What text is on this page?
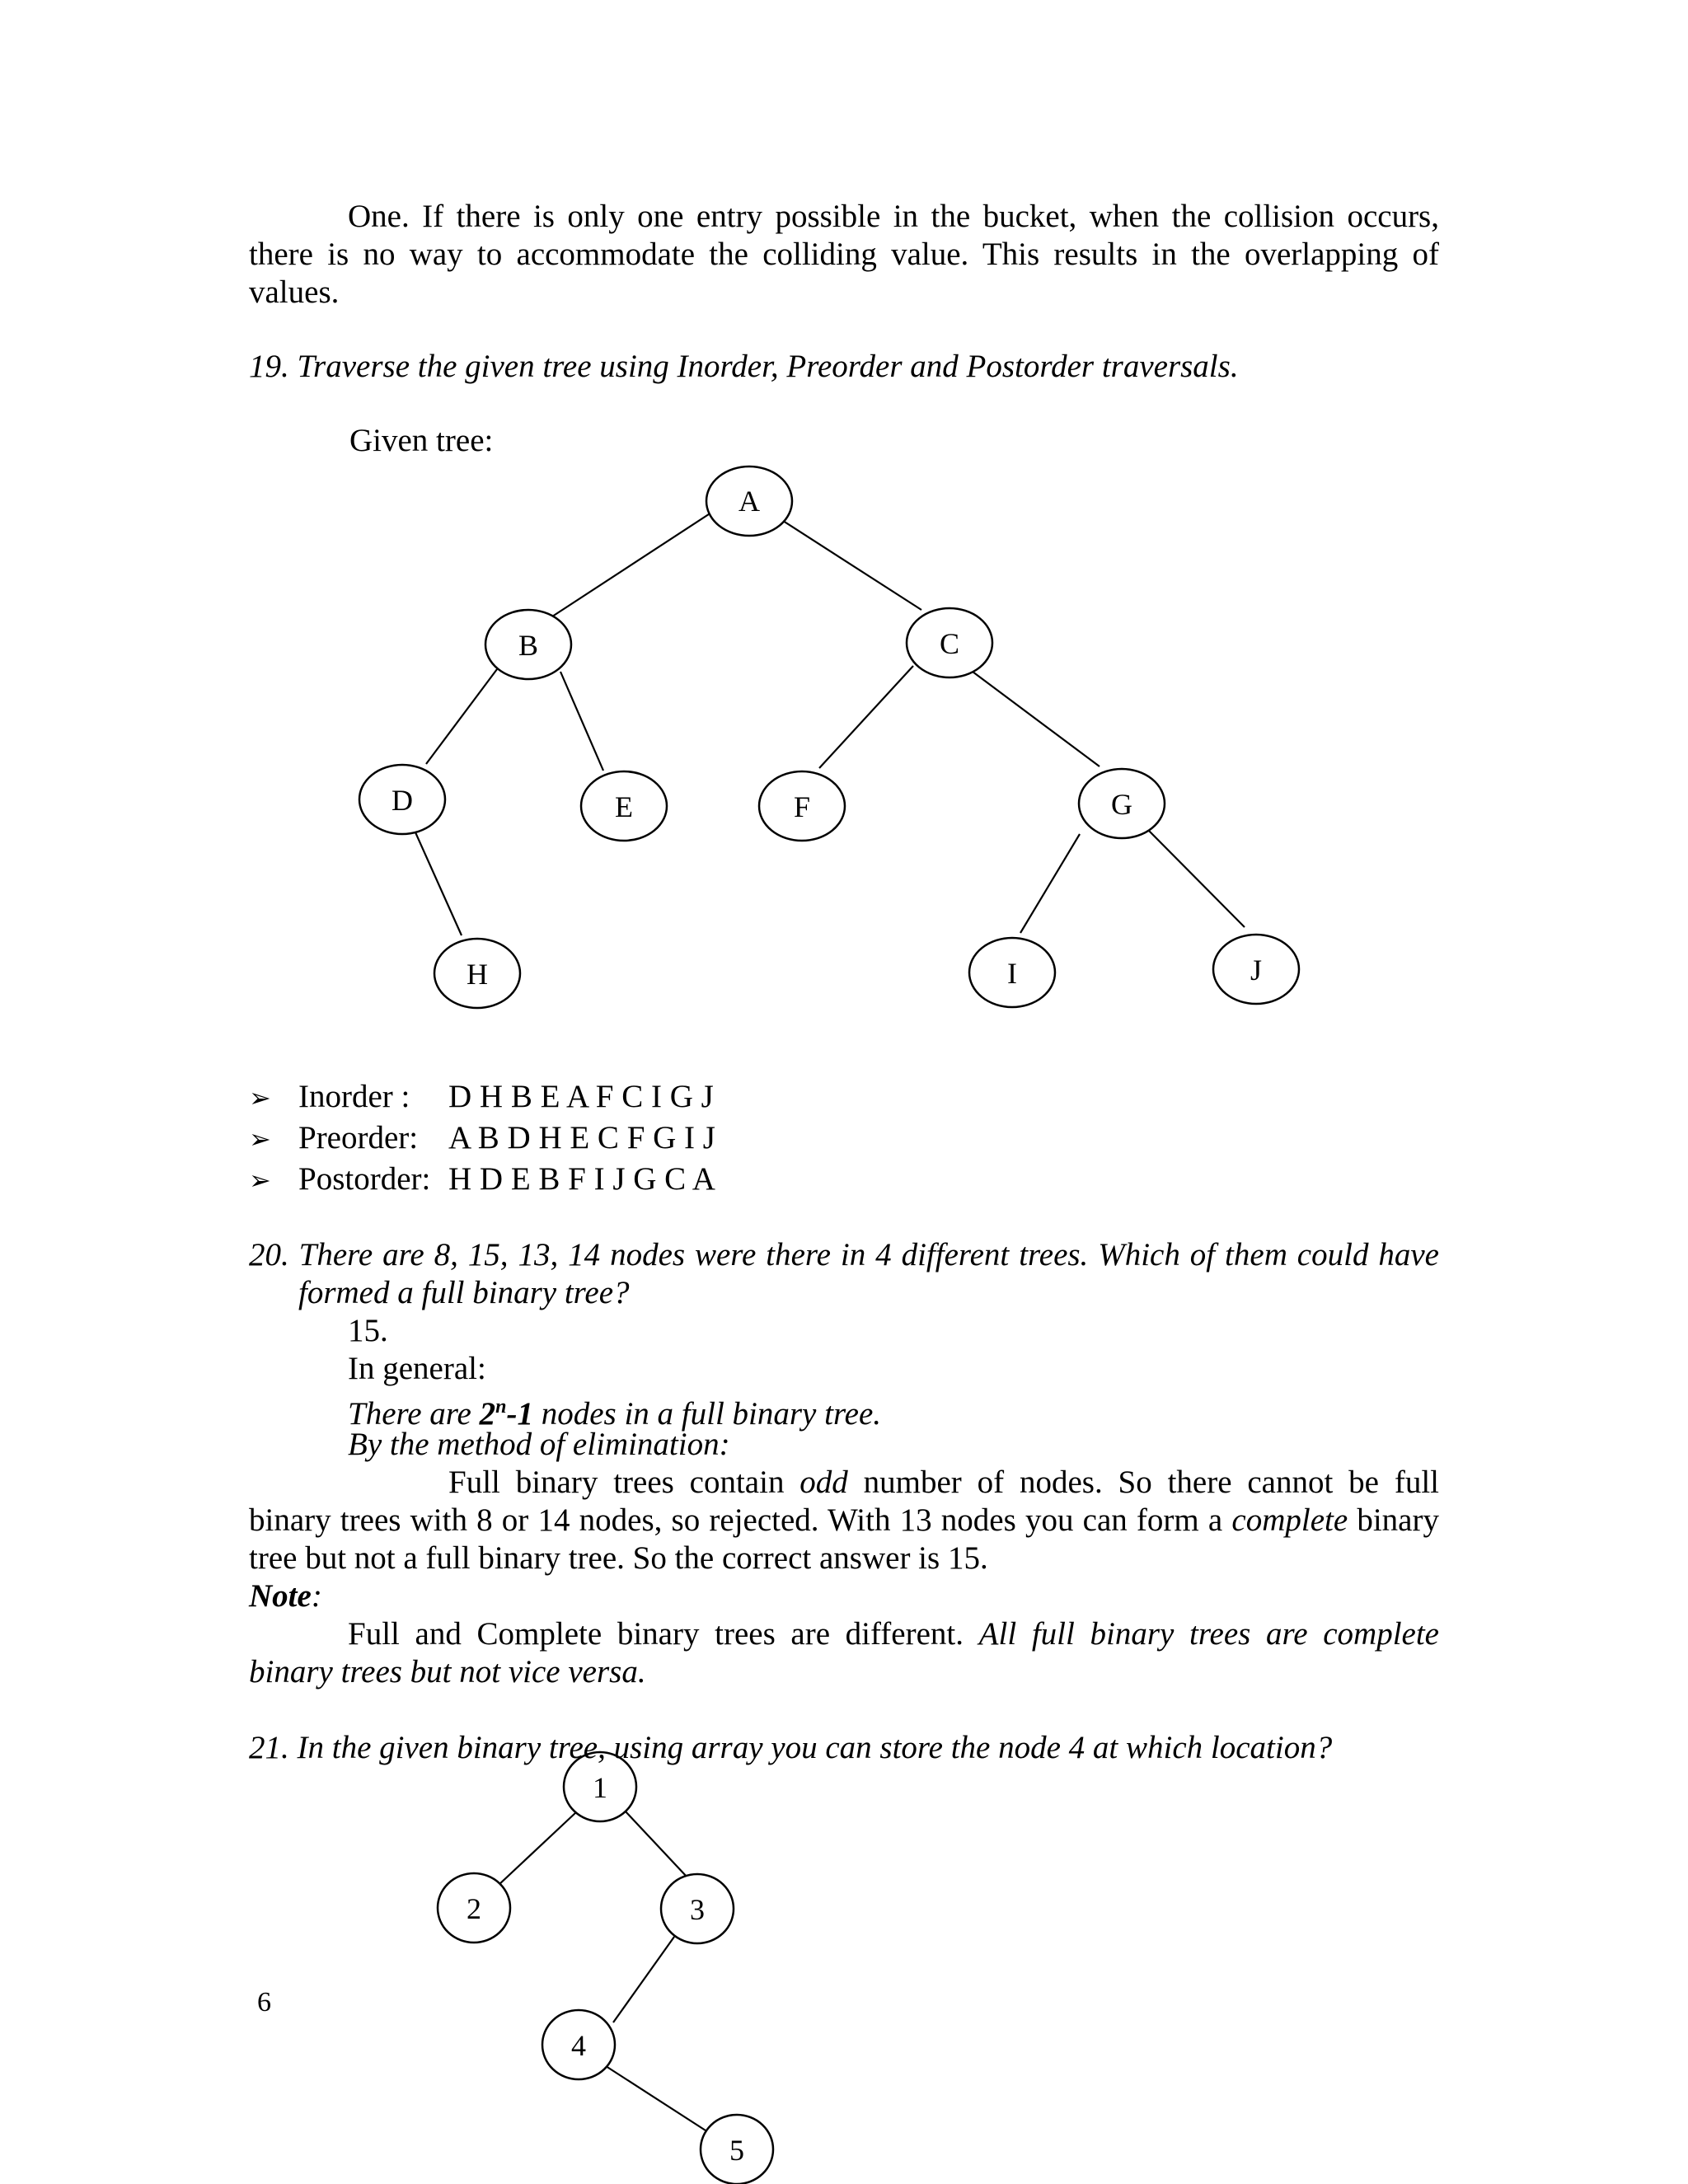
One. If there is only one entry possible in the bucket, when the collision occurs, there is no way to accommodate the colliding value. This results in the overlapping of values.
19. Traverse the given tree using Inorder, Preorder and Postorder traversals.
Given tree:
A
B	C
D	E	F	G
H	I	J
1
2	3
4
5
➢ Inorder : D H B E A F C I G J
➢ Preorder: A B D H E C F G I J
➢ Postorder: H D E B F I J G C A
20. There are 8, 15, 13, 14 nodes were there in 4 different trees. Which of them could have formed a full binary tree?
15.
In general:
There are 2$^n$-1 nodes in a full binary tree.
By the method of elimination:
Full binary trees contain odd number of nodes. So there cannot be full binary trees with 8 or 14 nodes, so rejected. With 13 nodes you can form a complete binary tree but not a full binary tree. So the correct answer is 15.
Note:
Full and Complete binary trees are different. All full binary trees are complete binary trees but not vice versa.
21. In the given binary tree, using array you can store the node 4 at which location?
6
